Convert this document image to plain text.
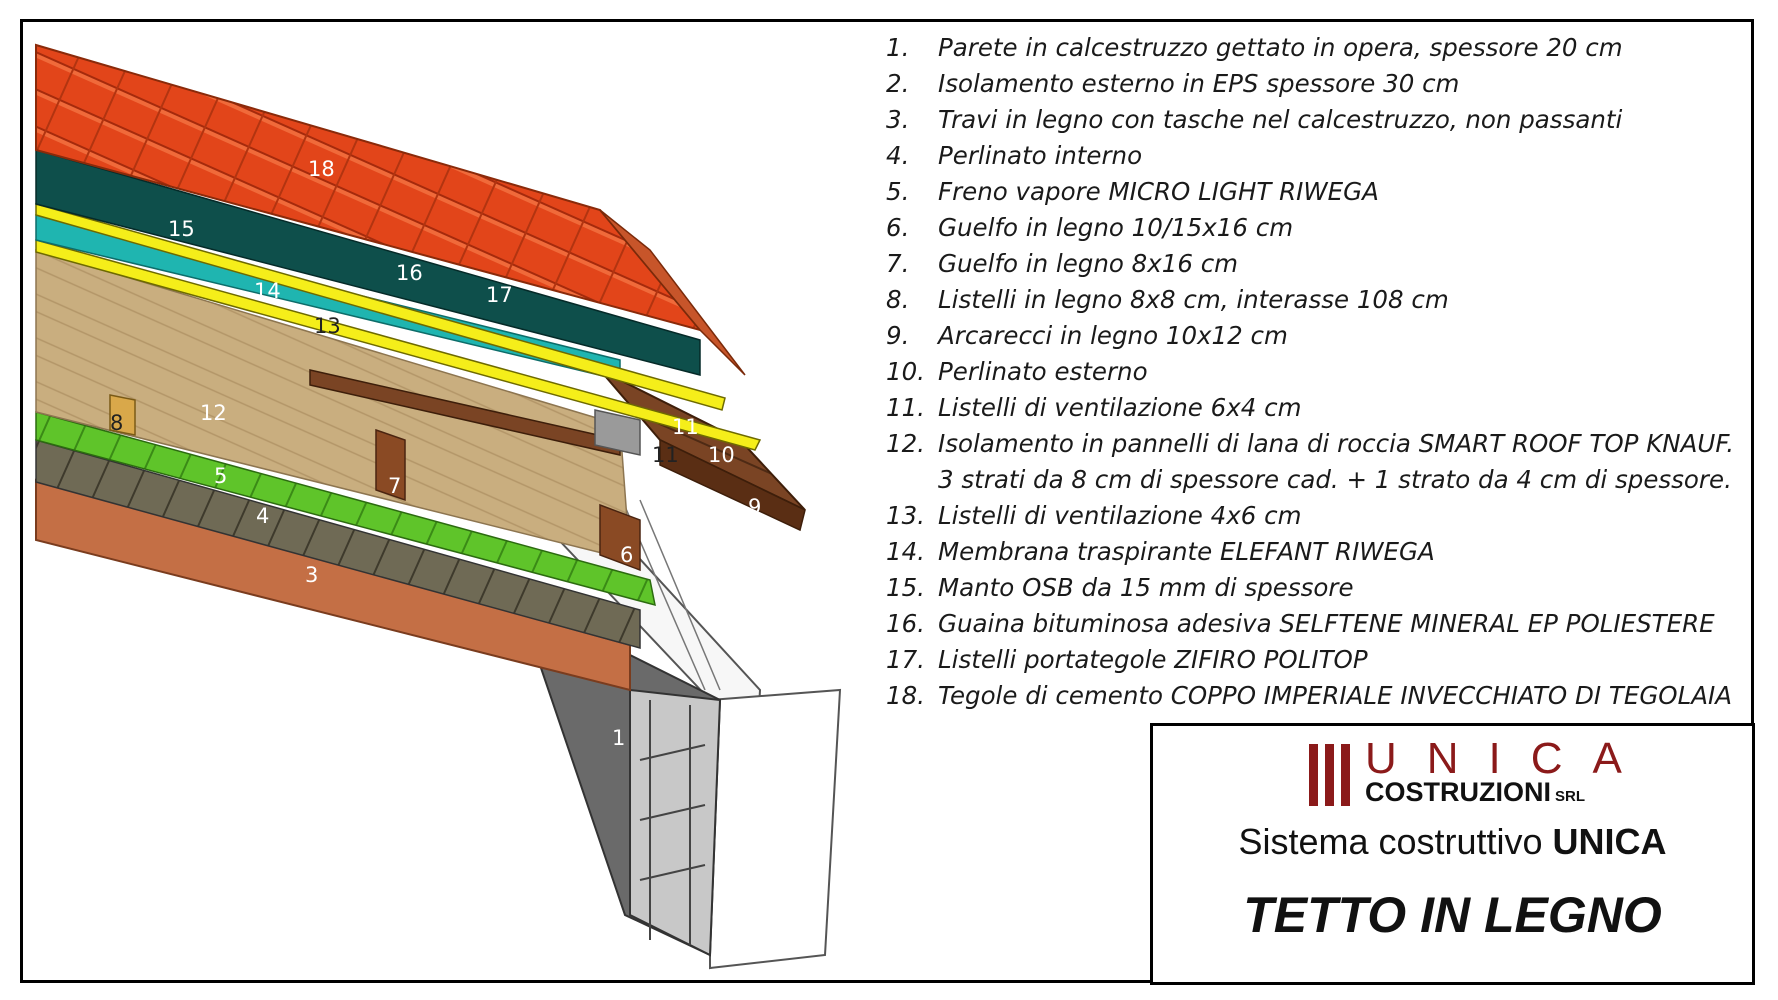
1
2
3
4
5
6
7
8
9
10
11
11
12
13
14
15
16
17
18
1. Parete in calcestruzzo gettato in opera, spessore 20 cm
2. Isolamento esterno in EPS spessore 30 cm
3. Travi in legno con tasche nel calcestruzzo, non passanti
4. Perlinato interno
5. Freno vapore MICRO LIGHT RIWEGA
6. Guelfo in legno 10/15x16 cm
7. Guelfo in legno 8x16 cm
8. Listelli in legno 8x8 cm, interasse 108 cm
9. Arcarecci in legno 10x12 cm
10. Perlinato esterno
11. Listelli di ventilazione 6x4 cm
12. Isolamento in pannelli di lana di roccia SMART ROOF TOP KNAUF. 3 strati da 8 cm di spessore cad. + 1 strato da 4 cm di spessore.
13. Listelli di ventilazione 4x6 cm
14. Membrana traspirante ELEFANT RIWEGA
15. Manto OSB da 15 mm di spessore
16. Guaina bituminosa adesiva SELFTENE MINERAL EP POLIESTERE
17. Listelli portategole ZIFIRO POLITOP
18. Tegole di cemento COPPO IMPERIALE INVECCHIATO DI TEGOLAIA
UNICA
COSTRUZIONI SRL
Sistema costruttivo UNICA
TETTO IN LEGNO
